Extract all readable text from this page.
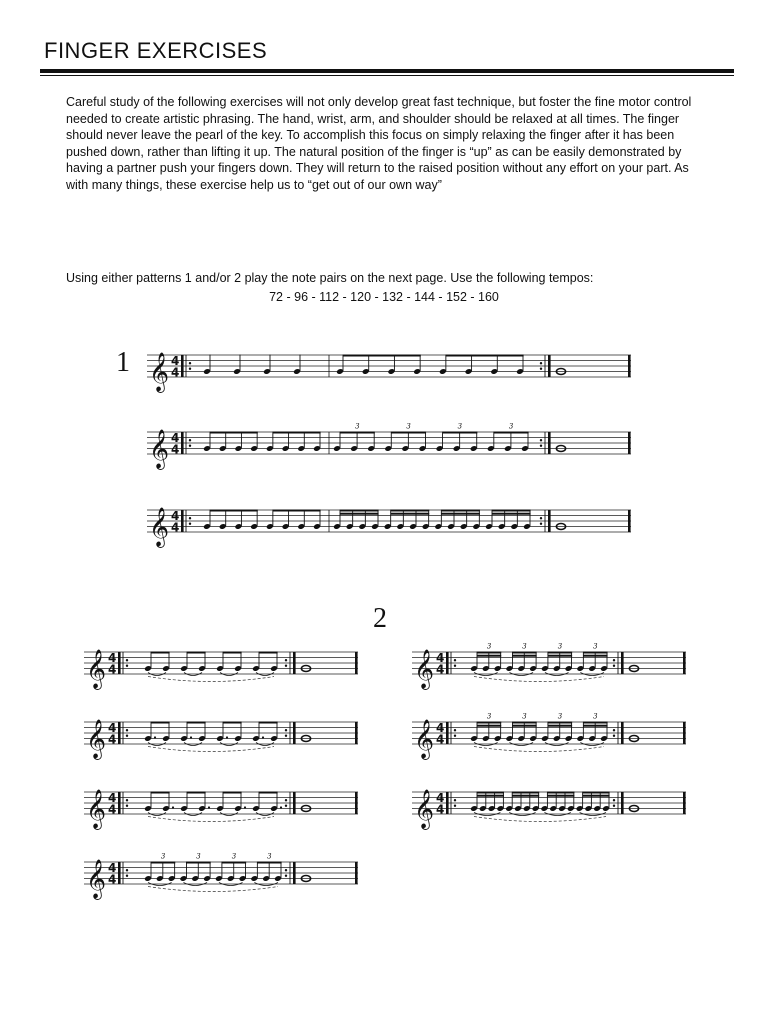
FINGER EXERCISES

Careful study of the following exercises will not only develop great fast technique, but foster the fine motor control needed to create artistic phrasing. The hand, wrist, arm, and shoulder should be relaxed at all times. The finger should never leave the pearl of the key. To accomplish this focus on simply relaxing the finger after it has been pushed down, rather than lifting it up. The natural position of the finger is “up” as can be easily demonstrated by having a partner push your fingers down. They will return to the raised position without any effort on your part. As with many things, these exercise help us to “get out of our own way”

Using either patterns 1 and/or 2 play the note pairs on the next page. Use the following tempos:

72 - 96 - 112 - 120 - 132 - 144 - 152 - 160

1
2
𝄞 4
4
𝄞 4
4
3	3	3	3
𝄞 4
4
𝄞 4
4
𝄞 4
4
𝄞 4
4
𝄞 4
4
3	3	3	3
𝄞 4
4
3	3	3	3
𝄞 4
4
3	3	3	3
𝄞 4
4
